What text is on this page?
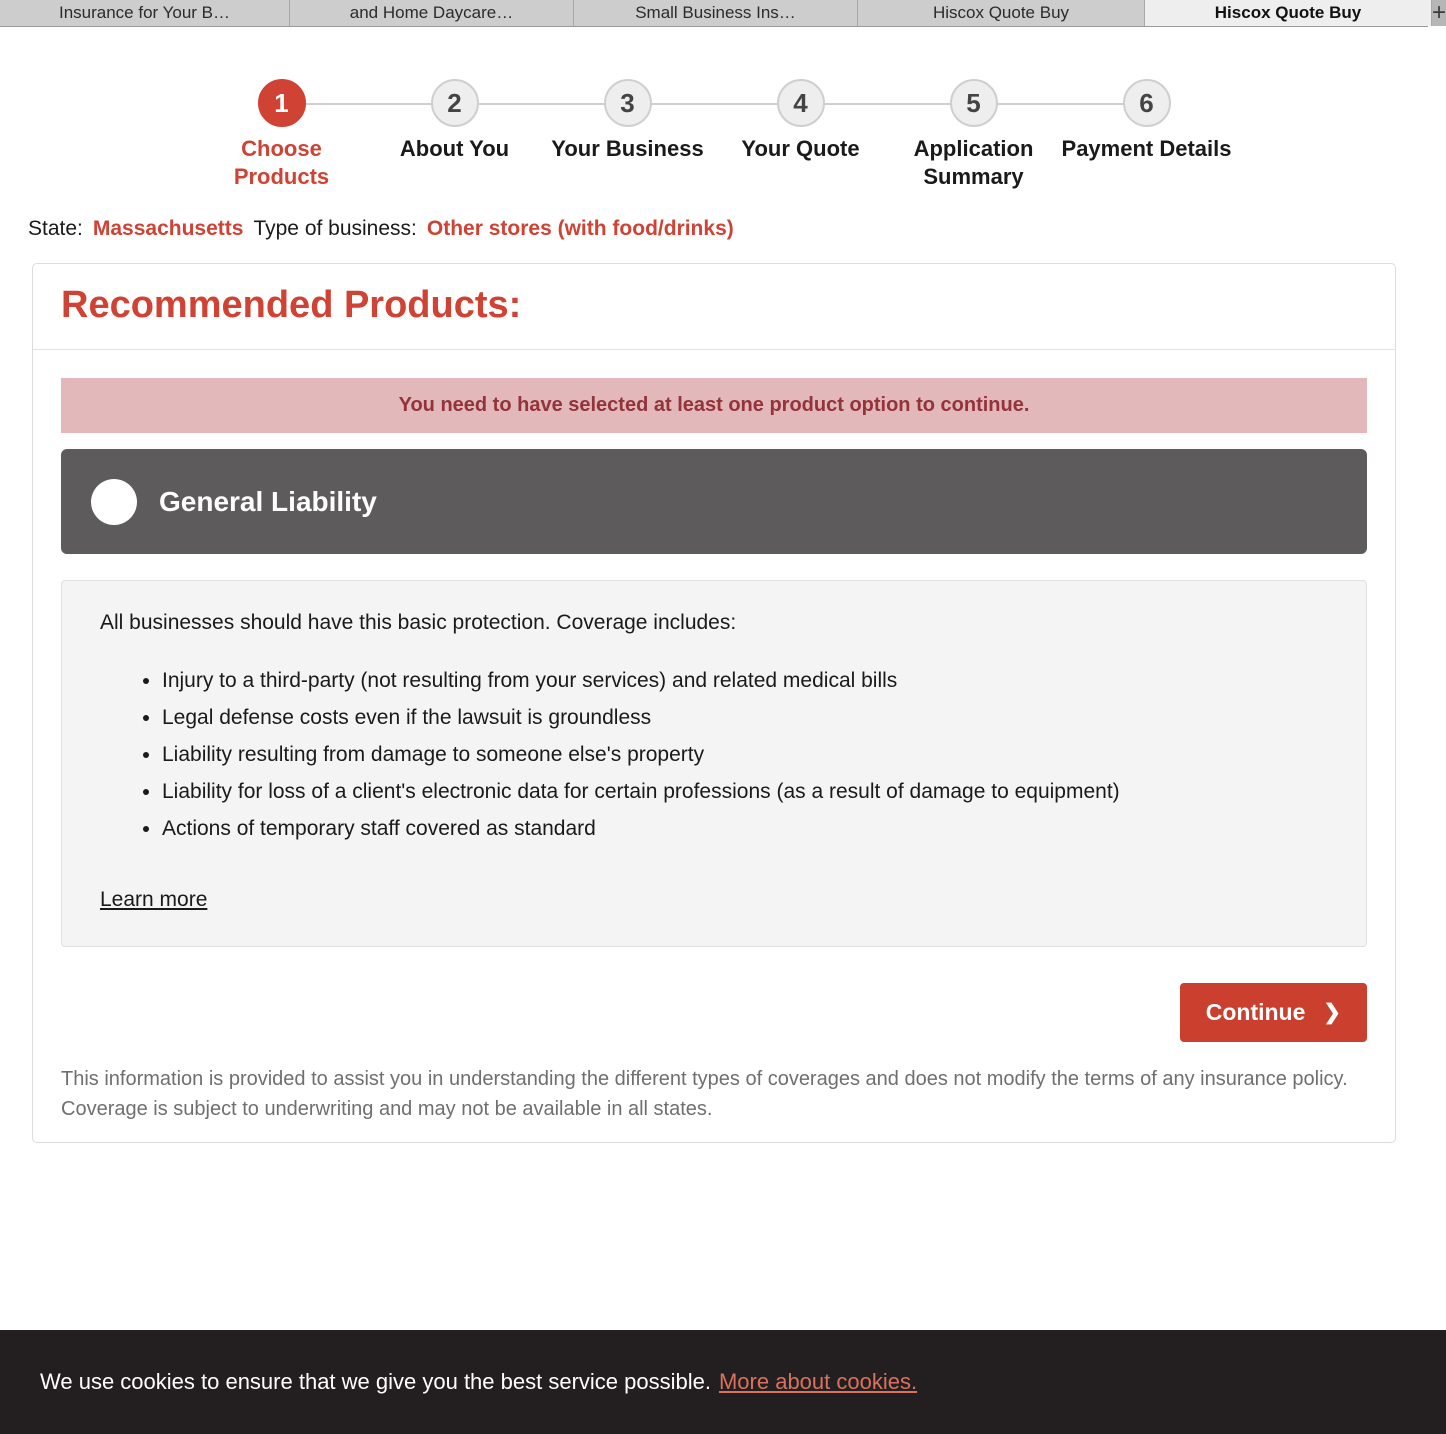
Insurance for Your B…	and Home Daycare…	Small Business Ins…	Hiscox Quote Buy	Hiscox Quote Buy	+
1
Choose Products
2
About You
3
Your Business
4
Your Quote
5
Application Summary
6
Payment Details
State: Massachusetts Type of business: Other stores (with food/drinks)
Recommended Products:
You need to have selected at least one product option to continue.
General Liability

All businesses should have this basic protection. Coverage includes:

• Injury to a third-party (not resulting from your services) and related medical bills
• Legal defense costs even if the lawsuit is groundless
• Liability resulting from damage to someone else's property
• Liability for loss of a client's electronic data for certain professions (as a result of damage to equipment)
• Actions of temporary staff covered as standard
Learn more
Continue ❯
This information is provided to assist you in understanding the different types of coverages and does not modify the terms of any insurance policy. Coverage is subject to underwriting and may not be available in all states.
We use cookies to ensure that we give you the best service possible. More about cookies.
